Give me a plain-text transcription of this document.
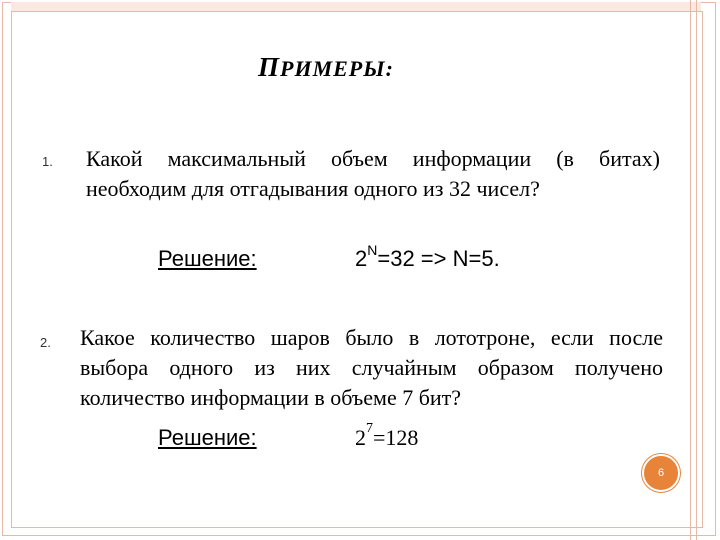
ПРИМЕРЫ:
1. Какой максимальный объем информации (в битах) необходим для отгадывания одного из 32 чисел?
Решение:	$2^N=32 => N=5$.
2. Какое количество шаров было в лототроне, если после выбора одного из них случайным образом получено количество информации в объеме 7 бит?
Решение:	$2^7=128$
6
